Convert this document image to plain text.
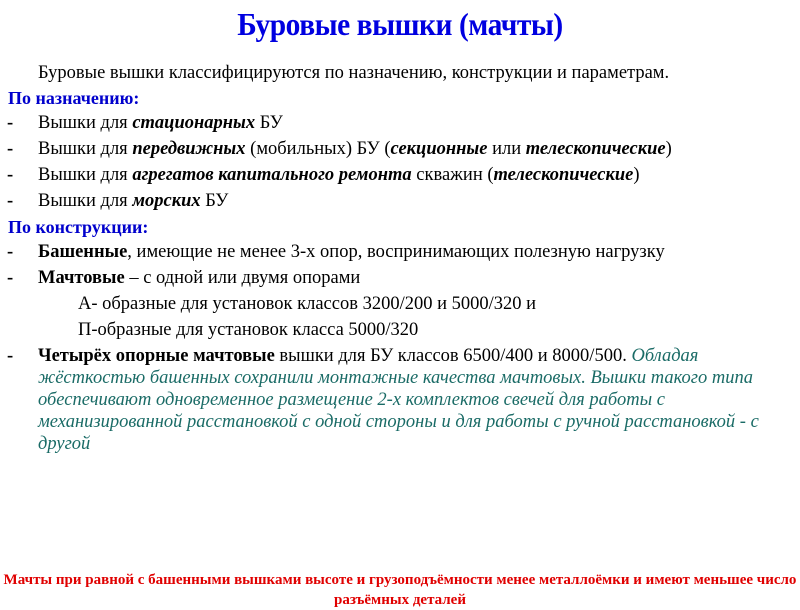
Буровые вышки (мачты)
Буровые вышки классифицируются по назначению, конструкции и параметрам.
По назначению:
- Вышки для стационарных БУ
- Вышки для передвижных (мобильных) БУ (секционные или телескопические)
- Вышки для агрегатов капитального ремонта скважин (телескопические)
- Вышки для морских БУ
По конструкции:
- Башенные, имеющие не менее 3-х опор, воспринимающих полезную нагрузку
- Мачтовые – с одной или двумя опорами
А- образные для установок классов 3200/200 и 5000/320 и
П-образные для установок класса 5000/320
- Четырёх опорные мачтовые вышки для БУ классов 6500/400 и 8000/500. Обладая жёсткостью башенных сохранили монтажные качества мачтовых. Вышки такого типа обеспечивают одновременное размещение 2-х комплектов свечей для работы с механизированной расстановкой с одной стороны и для работы с ручной расстановкой - с другой
Мачты при равной с башенными вышками высоте и грузоподъёмности менее металлоёмки и имеют меньшее число разъёмных деталей
